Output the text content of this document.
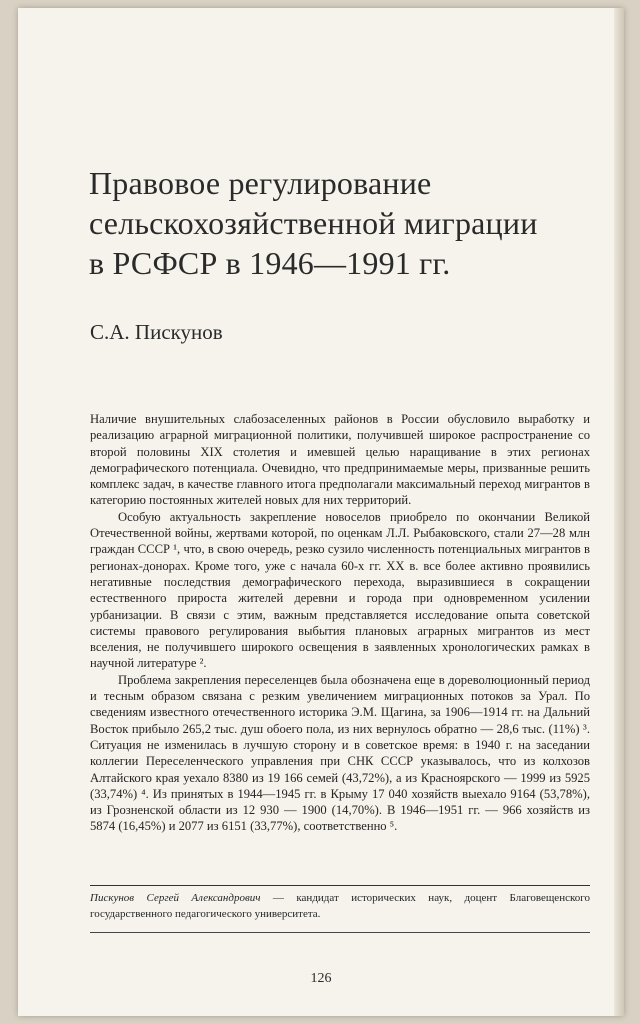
Правовое регулирование
сельскохозяйственной миграции
в РСФСР в 1946—1991 гг.
С.А. Пискунов

Наличие внушительных слабозаселенных районов в России обусловило выработку и реализацию аграрной миграционной политики, получившей широкое распространение со второй половины XIX столетия и имевшей целью наращивание в этих регионах демографического потенциала. Очевидно, что предпринимаемые меры, призванные решить комплекс задач, в качестве главного итога предполагали максимальный переход мигрантов в категорию постоянных жителей новых для них территорий.

Особую актуальность закрепление новоселов приобрело по окончании Великой Отечественной войны, жертвами которой, по оценкам Л.Л. Рыбаковского, стали 27—28 млн граждан СССР ¹, что, в свою очередь, резко сузило численность потенциальных мигрантов в регионах-донорах. Кроме того, уже с начала 60-х гг. XX в. все более активно проявились негативные последствия демографического перехода, выразившиеся в сокращении естественного прироста жителей деревни и города при одновременном усилении урбанизации. В связи с этим, важным представляется исследование опыта советской системы правового регулирования выбытия плановых аграрных мигрантов из мест вселения, не получившего широкого освещения в заявленных хронологических рамках в научной литературе ².

Проблема закрепления переселенцев была обозначена еще в дореволюционный период и тесным образом связана с резким увеличением миграционных потоков за Урал. По сведениям известного отечественного историка Э.М. Щагина, за 1906—1914 гг. на Дальний Восток прибыло 265,2 тыс. душ обоего пола, из них вернулось обратно — 28,6 тыс. (11%) ³. Ситуация не изменилась в лучшую сторону и в советское время: в 1940 г. на заседании коллегии Переселенческого управления при СНК СССР указывалось, что из колхозов Алтайского края уехало 8380 из 19 166 семей (43,72%), а из Красноярского — 1999 из 5925 (33,74%) ⁴. Из принятых в 1944—1945 гг. в Крыму 17 040 хозяйств выехало 9164 (53,78%), из Грозненской области из 12 930 — 1900 (14,70%). В 1946—1951 гг. — 966 хозяйств из 5874 (16,45%) и 2077 из 6151 (33,77%), соответственно ⁵.

Пискунов Сергей Александрович — кандидат исторических наук, доцент Благовещенского государственного педагогического университета.
126
